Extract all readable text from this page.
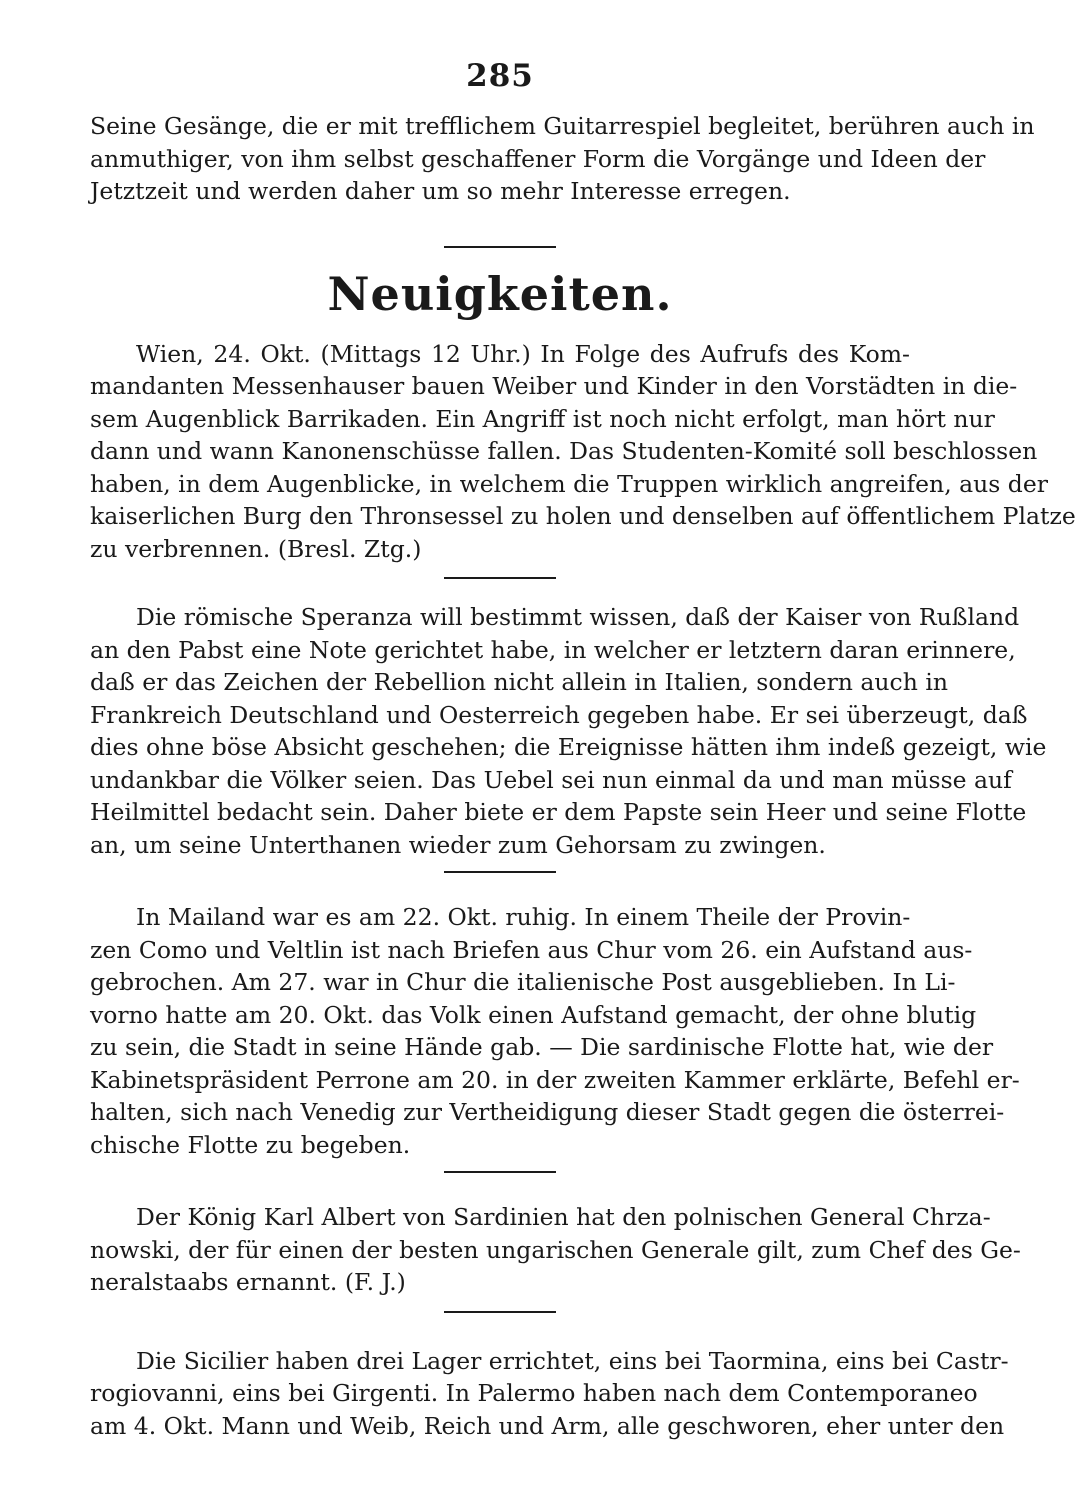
285
Seine Gesänge, die er mit trefflichem Guitarrespiel begleitet, berühren auch in
anmuthiger, von ihm selbst geschaffener Form die Vorgänge und Ideen der
Jetztzeit und werden daher um so mehr Interesse erregen.
Neuigkeiten.
Wien, 24. Okt. (Mittags 12 Uhr.) In Folge des Aufrufs des Kom-
mandanten Messenhauser bauen Weiber und Kinder in den Vorstädten in die-
sem Augenblick Barrikaden. Ein Angriff ist noch nicht erfolgt, man hört nur
dann und wann Kanonenschüsse fallen. Das Studenten-Komité soll beschlossen
haben, in dem Augenblicke, in welchem die Truppen wirklich angreifen, aus der
kaiserlichen Burg den Thronsessel zu holen und denselben auf öffentlichem Platze
zu verbrennen. (Bresl. Ztg.)
Die römische Speranza will bestimmt wissen, daß der Kaiser von Rußland
an den Pabst eine Note gerichtet habe, in welcher er letztern daran erinnere,
daß er das Zeichen der Rebellion nicht allein in Italien, sondern auch in
Frankreich Deutschland und Oesterreich gegeben habe. Er sei überzeugt, daß
dies ohne böse Absicht geschehen; die Ereignisse hätten ihm indeß gezeigt, wie
undankbar die Völker seien. Das Uebel sei nun einmal da und man müsse auf
Heilmittel bedacht sein. Daher biete er dem Papste sein Heer und seine Flotte
an, um seine Unterthanen wieder zum Gehorsam zu zwingen.
In Mailand war es am 22. Okt. ruhig. In einem Theile der Provin-
zen Como und Veltlin ist nach Briefen aus Chur vom 26. ein Aufstand aus-
gebrochen. Am 27. war in Chur die italienische Post ausgeblieben. In Li-
vorno hatte am 20. Okt. das Volk einen Aufstand gemacht, der ohne blutig
zu sein, die Stadt in seine Hände gab. — Die sardinische Flotte hat, wie der
Kabinetspräsident Perrone am 20. in der zweiten Kammer erklärte, Befehl er-
halten, sich nach Venedig zur Vertheidigung dieser Stadt gegen die österrei-
chische Flotte zu begeben.
Der König Karl Albert von Sardinien hat den polnischen General Chrza-
nowski, der für einen der besten ungarischen Generale gilt, zum Chef des Ge-
neralstaabs ernannt. (F. J.)
Die Sicilier haben drei Lager errichtet, eins bei Taormina, eins bei Castr-
rogiovanni, eins bei Girgenti. In Palermo haben nach dem Contemporaneo
am 4. Okt. Mann und Weib, Reich und Arm, alle geschworen, eher unter den
